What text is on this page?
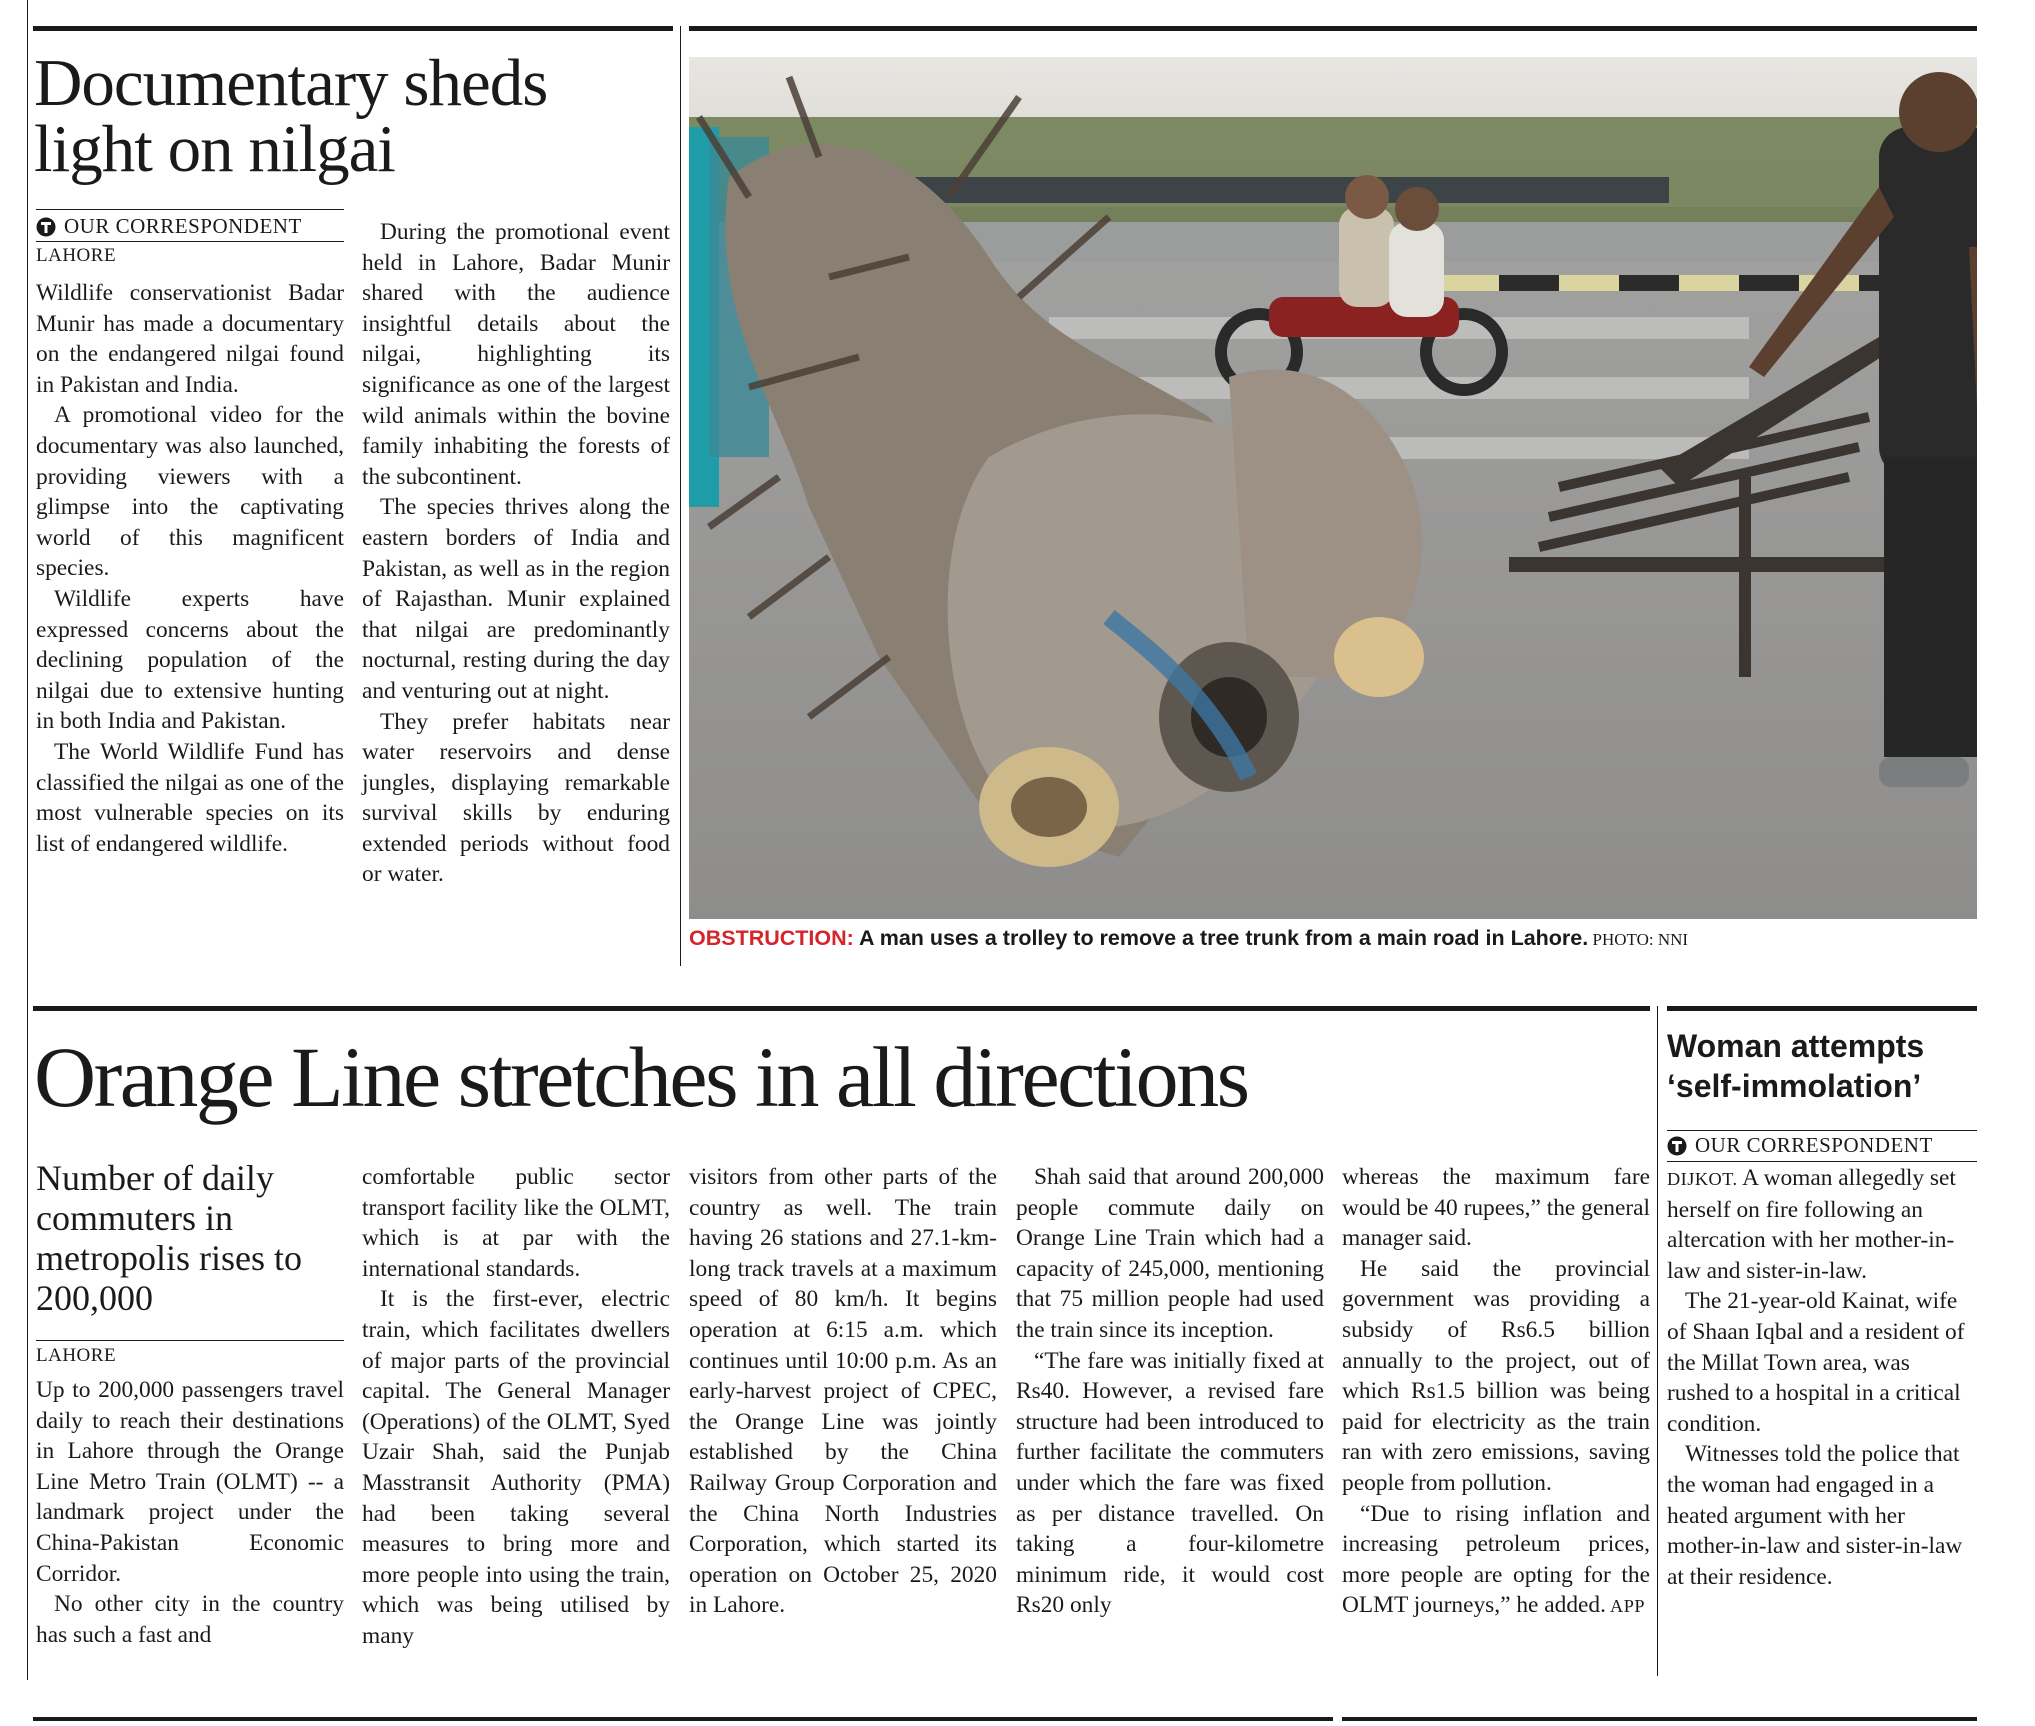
Documentary sheds
light on nilgai
OUR CORRESPONDENT
LAHORE

Wildlife conservationist Badar Munir has made a documentary on the endangered nilgai found in Pakistan and India.

A promotional video for the documentary was also launched, providing viewers with a glimpse into the captivating world of this magnificent species.

Wildlife experts have expressed concerns about the declining population of the nilgai due to extensive hunting in both India and Pakistan.

The World Wildlife Fund has classified the nilgai as one of the most vulnerable species on its list of endangered wildlife.

During the promotional event held in Lahore, Badar Munir shared with the audience insightful details about the nilgai, highlighting its significance as one of the largest wild animals within the bovine family inhabiting the forests of the subcontinent.

The species thrives along the eastern borders of India and Pakistan, as well as in the region of Rajasthan. Munir explained that nilgai are predominantly nocturnal, resting during the day and venturing out at night.

They prefer habitats near water reservoirs and dense jungles, displaying remarkable survival skills by enduring extended periods without food or water.

OBSTRUCTION: A man uses a trolley to remove a tree trunk from a main road in Lahore. PHOTO: NNI
Orange Line stretches in all directions
Number of daily commuters in metropolis rises to 200,000
LAHORE

Up to 200,000 passengers travel daily to reach their destinations in Lahore through the Orange Line Metro Train (OLMT) -- a landmark project under the China-Pakistan Economic Corridor.

No other city in the country has such a fast and

comfortable public sector transport facility like the OLMT, which is at par with the international standards.

It is the first-ever, electric train, which facilitates dwellers of major parts of the provincial capital. The General Manager (Operations) of the OLMT, Syed Uzair Shah, said the Punjab Masstransit Authority (PMA) had been taking several measures to bring more and more people into using the train, which was being utilised by many

visitors from other parts of the country as well. The train having 26 stations and 27.1-km-long track travels at a maximum speed of 80 km/h. It begins operation at 6:15 a.m. which continues until 10:00 p.m. As an early-harvest project of CPEC, the Orange Line was jointly established by the China Railway Group Corporation and the China North Industries Corporation, which started its operation on October 25, 2020 in Lahore.

Shah said that around 200,000 people commute daily on Orange Line Train which had a capacity of 245,000, mentioning that 75 million people had used the train since its inception.

“The fare was initially fixed at Rs40. However, a revised fare structure had been introduced to further facilitate the commuters under which the fare was fixed as per distance travelled. On taking a four-kilometre minimum ride, it would cost Rs20 only

whereas the maximum fare would be 40 rupees,” the general manager said.

He said the provincial government was providing a subsidy of Rs6.5 billion annually to the project, out of which Rs1.5 billion was being paid for electricity as the train ran with zero emissions, saving people from pollution.

“Due to rising inflation and increasing petroleum prices, more people are opting for the OLMT journeys,” he added. APP

Woman attempts
‘self-immolation’
OUR CORRESPONDENT

DIJKOT. A woman allegedly set herself on fire following an altercation with her mother-in-law and sister-in-law.

The 21-year-old Kainat, wife of Shaan Iqbal and a resident of the Millat Town area, was rushed to a hospital in a critical condition.

Witnesses told the police that the woman had engaged in a heated argument with her mother-in-law and sister-in-law at their residence.
